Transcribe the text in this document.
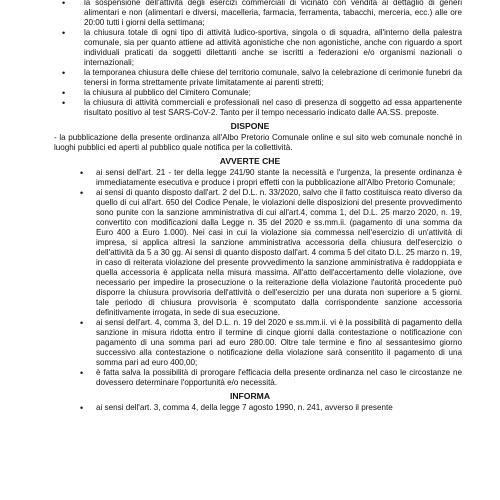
• la sospensione dell'attività degli esercizi commerciali di vicinato con vendita al dettaglio di generi alimentari e non (alimentari e diversi, macelleria, farmacia, ferramenta, tabacchi, merceria, ecc.) alle ore 20:00 tutti i giorni della settimana;
• la chiusura totale di ogni tipo di attività ludico-sportiva, singola o di squadra, all'interno della palestra comunale, sia per quanto attiene ad attività agonistiche che non agonistiche, anche con riguardo a sport individuali praticati da soggetti dilettanti anche se iscritti a federazioni e/o organismi nazionali o internazionali;
• la temporanea chiusura delle chiese del territorio comunale, salvo la celebrazione di cerimonie funebri da tenersi in forma strettamente private limitatamente ai parenti stretti;
• la chiusura al pubblico del Cimitero Comunale;
• la chiusura di attività commerciali e professionali nel caso di presenza di soggetto ad essa appartenente risultato positivo al test SARS-CoV-2. Tanto per il tempo necessario indicato dalle AA.SS. preposte.
DISPONE
- la pubblicazione della presente ordinanza all'Albo Pretorio Comunale online e sul sito web comunale nonché in luoghi pubblici ed aperti al pubblico quale notifica per la collettività.
AVVERTE CHE
• ai sensi dell'art. 21 - ter della legge 241/90 stante la necessità e l'urgenza, la presente ordinanza è immediatamente esecutiva e produce i propri effetti con la pubblicazione all'Albo Pretorio Comunale;
• ai sensi di quanto disposto dall'art. 2 del D.L. n. 33/2020, salvo che il fatto costituisca reato diverso da quello di cui all'art. 650 del Codice Penale, le violazioni delle disposizioni del presente provvedimento sono punite con la sanzione amministrativa di cui all'art.4, comma 1, del D.L. 25 marzo 2020, n. 19, convertito con modificazioni dalla Legge n. 35 del 2020 e ss.mm.ii. (pagamento di una somma da Euro 400 a Euro 1.000). Nei casi in cui la violazione sia commessa nell'esercizio di un'attività di impresa, si applica altresì la sanzione amministrativa accessoria della chiusura dell'esercizio o dell'attività da 5 a 30 gg. Ai sensi di quanto disposto dall'art. 4 comma 5 del citato D.L. 25 marzo n. 19, in caso di reiterata violazione del presente provvedimento la sanzione amministrativa è raddoppiata e quella accessoria è applicata nella misura massima. All'atto dell'accertamento delle violazione, ove necessario per impedire la prosecuzione o la reiterazione della violazione l'autorità procedente può disporre la chiusura provvisoria dell'attività o dell'esercizio per una durata non superiore a 5 giorni. tale periodo di chiusura provvisoria è scomputato dalla corrispondente sanzione accessoria definitivamente irrogata, in sede di sua esecuzione.
• ai sensi dell'art. 4, comma 3, del D.L. n. 19 del 2020 e ss.mm.ii. vi è la possibilità di pagamento della sanzione in misura ridotta entro il termine di cinque giorni dalla contestazione o notificazione con pagamento di una somma pari ad euro 280.00. Oltre tale termine e fino al sessantesimo giorno successivo alla contestazione o notificazione della violazione sarà consentito il pagamento di una somma pari ad euro 400,00;
• è fatta salva la possibilità di prorogare l'efficacia della presente ordinanza nel caso le circostanze ne dovessero determinare l'opportunità e/o necessità.
INFORMA
• ai sensi dell'art. 3, comma 4, della legge 7 agosto 1990, n. 241, avverso il presente
